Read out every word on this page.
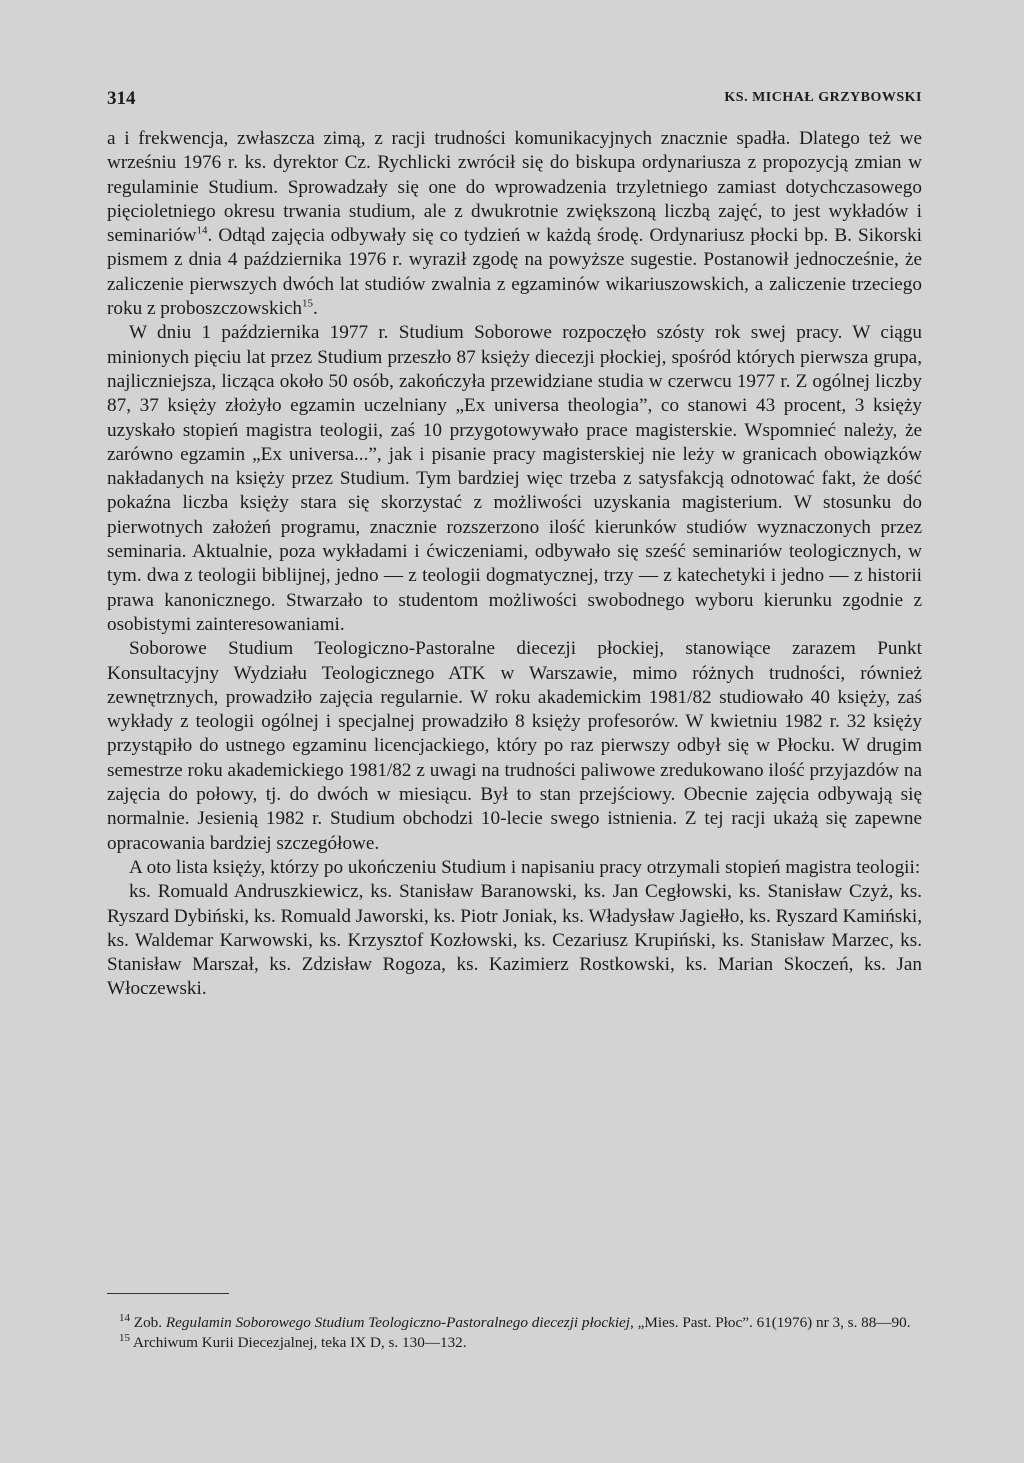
314	KS. MICHAŁ GRZYBOWSKI

a i frekwencja, zwłaszcza zimą, z racji trudności komunikacyjnych znacznie spadła. Dlatego też we wrześniu 1976 r. ks. dyrektor Cz. Rychlicki zwrócił się do biskupa ordynariusza z propozycją zmian w regulaminie Studium. Sprowadzały się one do wprowadzenia trzyletniego zamiast dotychczasowego pięcioletniego okresu trwania studium, ale z dwukrotnie zwiększoną liczbą zajęć, to jest wykładów i seminariów$^{14}$. Odtąd zajęcia odbywały się co tydzień w każdą środę. Ordynariusz płocki bp. B. Sikorski pismem z dnia 4 października 1976 r. wyraził zgodę na powyższe sugestie. Postanowił jednocześnie, że zaliczenie pierwszych dwóch lat studiów zwalnia z egzaminów wikariuszowskich, a zaliczenie trzeciego roku z proboszczowskich$^{15}$.

W dniu 1 października 1977 r. Studium Soborowe rozpoczęło szósty rok swej pracy. W ciągu minionych pięciu lat przez Studium przeszło 87 księży diecezji płockiej, spośród których pierwsza grupa, najliczniejsza, licząca około 50 osób, zakończyła przewidziane studia w czerwcu 1977 r. Z ogólnej liczby 87, 37 księży złożyło egzamin uczelniany „Ex universa theologia”, co stanowi 43 procent, 3 księży uzyskało stopień magistra teologii, zaś 10 przygotowywało prace magisterskie. Wspomnieć należy, że zarówno egzamin „Ex universa...”, jak i pisanie pracy magisterskiej nie leży w granicach obowiązków nakładanych na księży przez Studium. Tym bardziej więc trzeba z satysfakcją odnotować fakt, że dość pokaźna liczba księży stara się skorzystać z możliwości uzyskania magisterium. W stosunku do pierwotnych założeń programu, znacznie rozszerzono ilość kierunków studiów wyznaczonych przez seminaria. Aktualnie, poza wykładami i ćwiczeniami, odbywało się sześć seminariów teologicznych, w tym. dwa z teologii biblijnej, jedno — z teologii dogmatycznej, trzy — z katechetyki i jedno — z historii prawa kanonicznego. Stwarzało to studentom możliwości swobodnego wyboru kierunku zgodnie z osobistymi zainteresowaniami.

Soborowe Studium Teologiczno-Pastoralne diecezji płockiej, stanowiące zarazem Punkt Konsultacyjny Wydziału Teologicznego ATK w Warszawie, mimo różnych trudności, również zewnętrznych, prowadziło zajęcia regularnie. W roku akademickim 1981/82 studiowało 40 księży, zaś wykłady z teologii ogólnej i specjalnej prowadziło 8 księży profesorów. W kwietniu 1982 r. 32 księży przystąpiło do ustnego egzaminu licencjackiego, który po raz pierwszy odbył się w Płocku. W drugim semestrze roku akademickiego 1981/82 z uwagi na trudności paliwowe zredukowano ilość przyjazdów na zajęcia do połowy, tj. do dwóch w miesiącu. Był to stan przejściowy. Obecnie zajęcia odbywają się normalnie. Jesienią 1982 r. Studium obchodzi 10-lecie swego istnienia. Z tej racji ukażą się zapewne opracowania bardziej szczegółowe.

A oto lista księży, którzy po ukończeniu Studium i napisaniu pracy otrzymali stopień magistra teologii:

ks. Romuald Andruszkiewicz, ks. Stanisław Baranowski, ks. Jan Cegłowski, ks. Stanisław Czyż, ks. Ryszard Dybiński, ks. Romuald Jaworski, ks. Piotr Joniak, ks. Władysław Jagiełło, ks. Ryszard Kamiński, ks. Waldemar Karwowski, ks. Krzysztof Kozłowski, ks. Cezariusz Krupiński, ks. Stanisław Marzec, ks. Stanisław Marszał, ks. Zdzisław Rogoza, ks. Kazimierz Rostkowski, ks. Marian Skoczeń, ks. Jan Włoczewski.

$^{14}$ Zob. Regulamin Soborowego Studium Teologiczno-Pastoralnego diecezji płockiej, „Mies. Past. Płoc”. 61(1976) nr 3, s. 88—90.

$^{15}$ Archiwum Kurii Diecezjalnej, teka IX D, s. 130—132.
